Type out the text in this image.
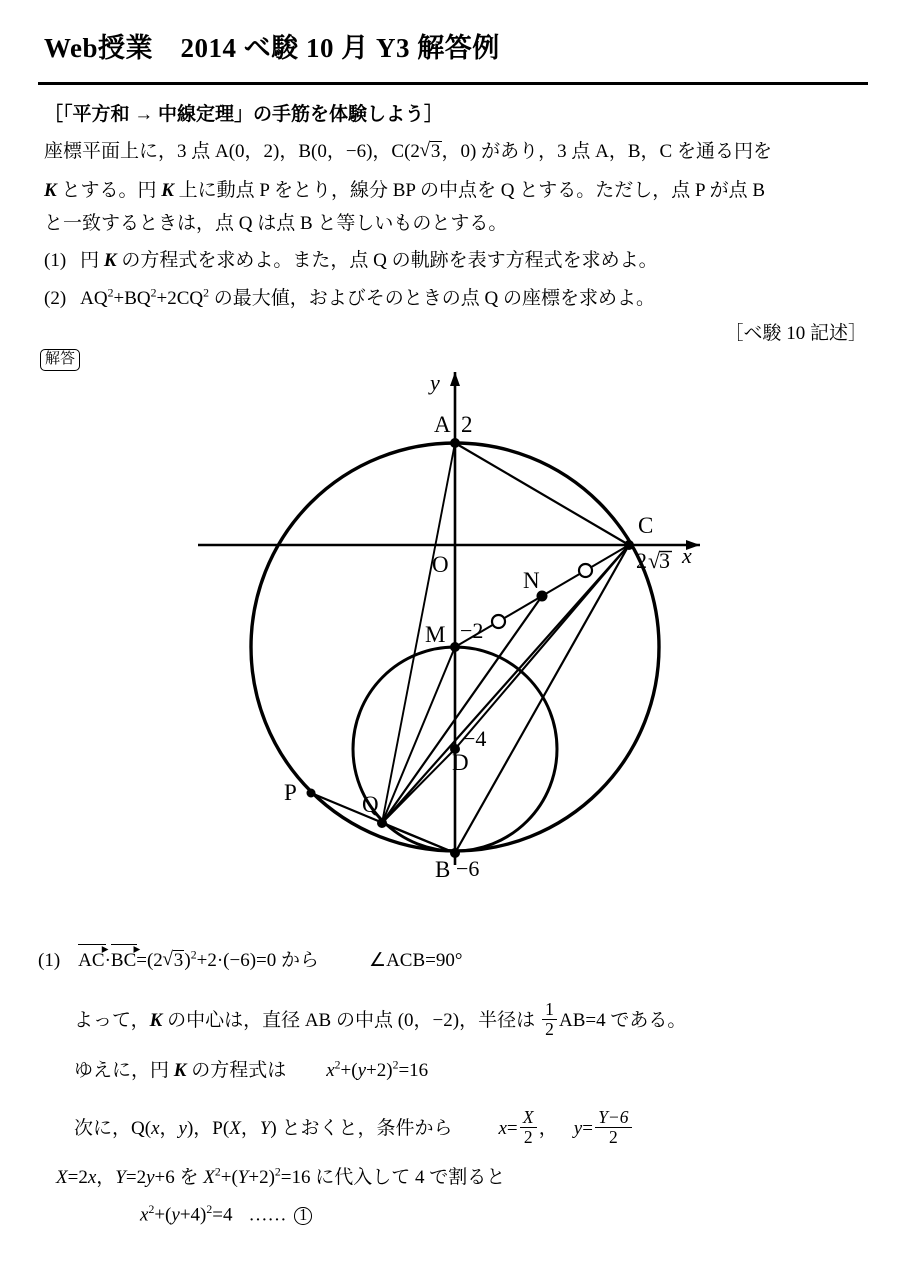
Web授業　2014 ベ駿 10 月 Y3 解答例
［「平方和 → 中線定理」の手筋を体験しよう］
座標平面上に，3 点 A(0，2)，B(0，−6)，C(2 √ 3，0) があり，3 点 A，B，C を通る円を
K とする。円 K 上に動点 P をとり，線分 BP の中点を Q とする。ただし，点 P が点 B
と一致するときは，点 Q は点 B と等しいものとする。
(1) 円 K の方程式を求めよ。また，点 Q の軌跡を表す方程式を求めよ。
(2) $AQ^2+BQ^2+2CQ^2$ の最大値，およびそのときの点 Q の座標を求めよ。
［ベ駿 10 記述］
解答
A 2
O
C
2 √
3 x
y
N
M −2
D
−4
P	Q
B −6
(1) AC
▸
·BC
▸
=(2 √ 3)$^2$+2·(−6)=0 から	∠ACB=90°
よって，K の中心は，直径 AB の中点 (0，−2)，半径は $\frac{1}{2} AB=4$ である。
ゆえに，円 K の方程式は $x^2+(y+2)^2=16$
次に，Q(x，y)，P(X，Y) とおくと，条件から $x= \frac{X}{2}$ ， $y= \frac{Y-6}{2}$
X=2x，Y=2y+6 を $X^2+(Y+2)^2=16$ に代入して 4 で割ると
$x^2+(y+4)^2=4$ …… 1
